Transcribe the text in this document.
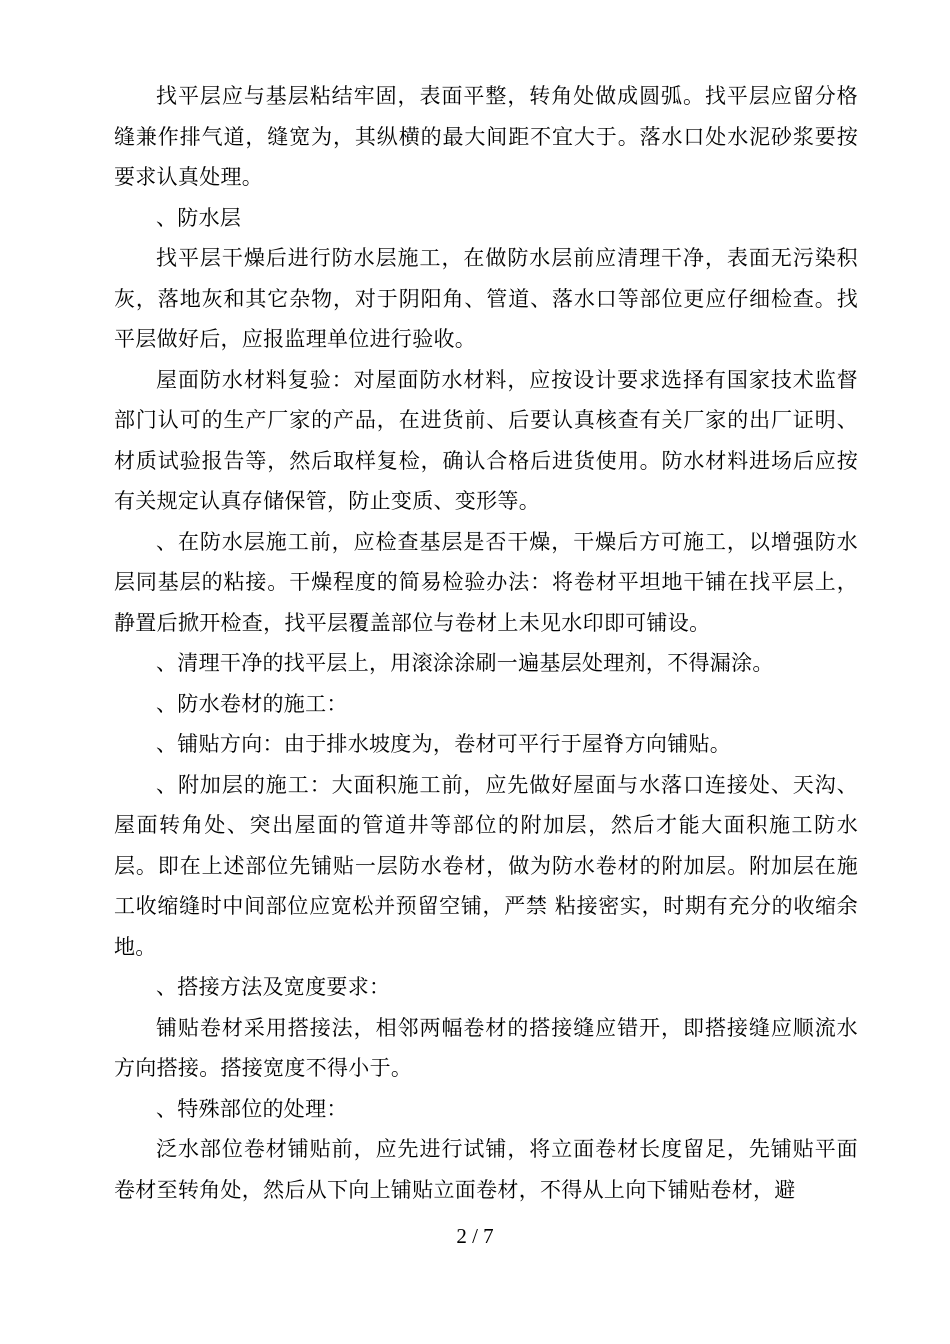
找平层应与基层粘结牢固，表面平整，转角处做成圆弧。找平层应留分格缝兼作排气道，缝宽为，其纵横的最大间距不宜大于。落水口处水泥砂浆要按要求认真处理。

、防水层

找平层干燥后进行防水层施工，在做防水层前应清理干净，表面无污染积灰，落地灰和其它杂物，对于阴阳角、管道、落水口等部位更应仔细检查。找平层做好后，应报监理单位进行验收。

屋面防水材料复验：对屋面防水材料，应按设计要求选择有国家技术监督部门认可的生产厂家的产品，在进货前、后要认真核查有关厂家的出厂证明、材质试验报告等，然后取样复检，确认合格后进货使用。防水材料进场后应按有关规定认真存储保管，防止变质、变形等。

、在防水层施工前，应检查基层是否干燥，干燥后方可施工，以增强防水层同基层的粘接。干燥程度的简易检验办法：将卷材平坦地干铺在找平层上，静置后掀开检查，找平层覆盖部位与卷材上未见水印即可铺设。

、清理干净的找平层上，用滚涂涂刷一遍基层处理剂，不得漏涂。

、防水卷材的施工：

、铺贴方向：由于排水坡度为，卷材可平行于屋脊方向铺贴。

、附加层的施工：大面积施工前，应先做好屋面与水落口连接处、天沟、屋面转角处、突出屋面的管道井等部位的附加层，然后才能大面积施工防水层。即在上述部位先铺贴一层防水卷材，做为防水卷材的附加层。附加层在施工收缩缝时中间部位应宽松并预留空铺，严禁 粘接密实，时期有充分的收缩余地。

、搭接方法及宽度要求：

铺贴卷材采用搭接法，相邻两幅卷材的搭接缝应错开，即搭接缝应顺流水方向搭接。搭接宽度不得小于。

、特殊部位的处理：

泛水部位卷材铺贴前，应先进行试铺，将立面卷材长度留足，先铺贴平面卷材至转角处，然后从下向上铺贴立面卷材，不得从上向下铺贴卷材，避

2 / 7
